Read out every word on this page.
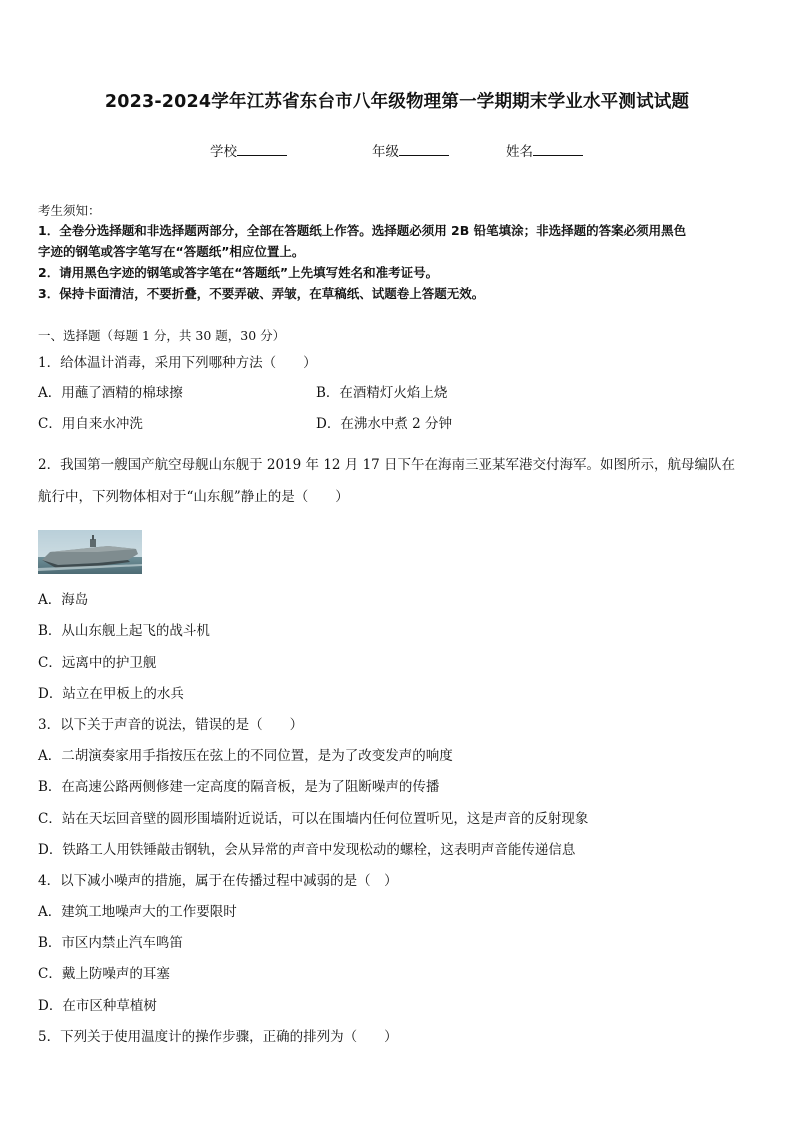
2023-2024学年江苏省东台市八年级物理第一学期期末学业水平测试试题
学校	年级	姓名
考生须知：
1．全卷分选择题和非选择题两部分，全部在答题纸上作答。选择题必须用 2B 铅笔填涂；非选择题的答案必须用黑色
字迹的钢笔或答字笔写在“答题纸”相应位置上。
2．请用黑色字迹的钢笔或答字笔在“答题纸”上先填写姓名和准考证号。
3．保持卡面清洁，不要折叠，不要弄破、弄皱，在草稿纸、试题卷上答题无效。
一、选择题（每题 1 分，共 30 题，30 分）
1．给体温计消毒，采用下列哪种方法（　　）
A．用蘸了酒精的棉球擦	B．在酒精灯火焰上烧
C．用自来水冲洗	D．在沸水中煮 2 分钟
2．我国第一艘国产航空母舰山东舰于 2019 年 12 月 17 日下午在海南三亚某军港交付海军。如图所示，航母编队在
航行中，下列物体相对于“山东舰”静止的是（　　）
A．海岛
B．从山东舰上起飞的战斗机
C．远离中的护卫舰
D．站立在甲板上的水兵
3．以下关于声音的说法，错误的是（　　）
A．二胡演奏家用手指按压在弦上的不同位置，是为了改变发声的响度
B．在高速公路两侧修建一定高度的隔音板，是为了阻断噪声的传播
C．站在天坛回音壁的圆形围墙附近说话，可以在围墙内任何位置听见，这是声音的反射现象
D．铁路工人用铁锤敲击钢轨，会从异常的声音中发现松动的螺栓，这表明声音能传递信息
4．以下减小噪声的措施，属于在传播过程中减弱的是（　）
A．建筑工地噪声大的工作要限时
B．市区内禁止汽车鸣笛
C．戴上防噪声的耳塞
D．在市区种草植树
5．下列关于使用温度计的操作步骤，正确的排列为（　　）
